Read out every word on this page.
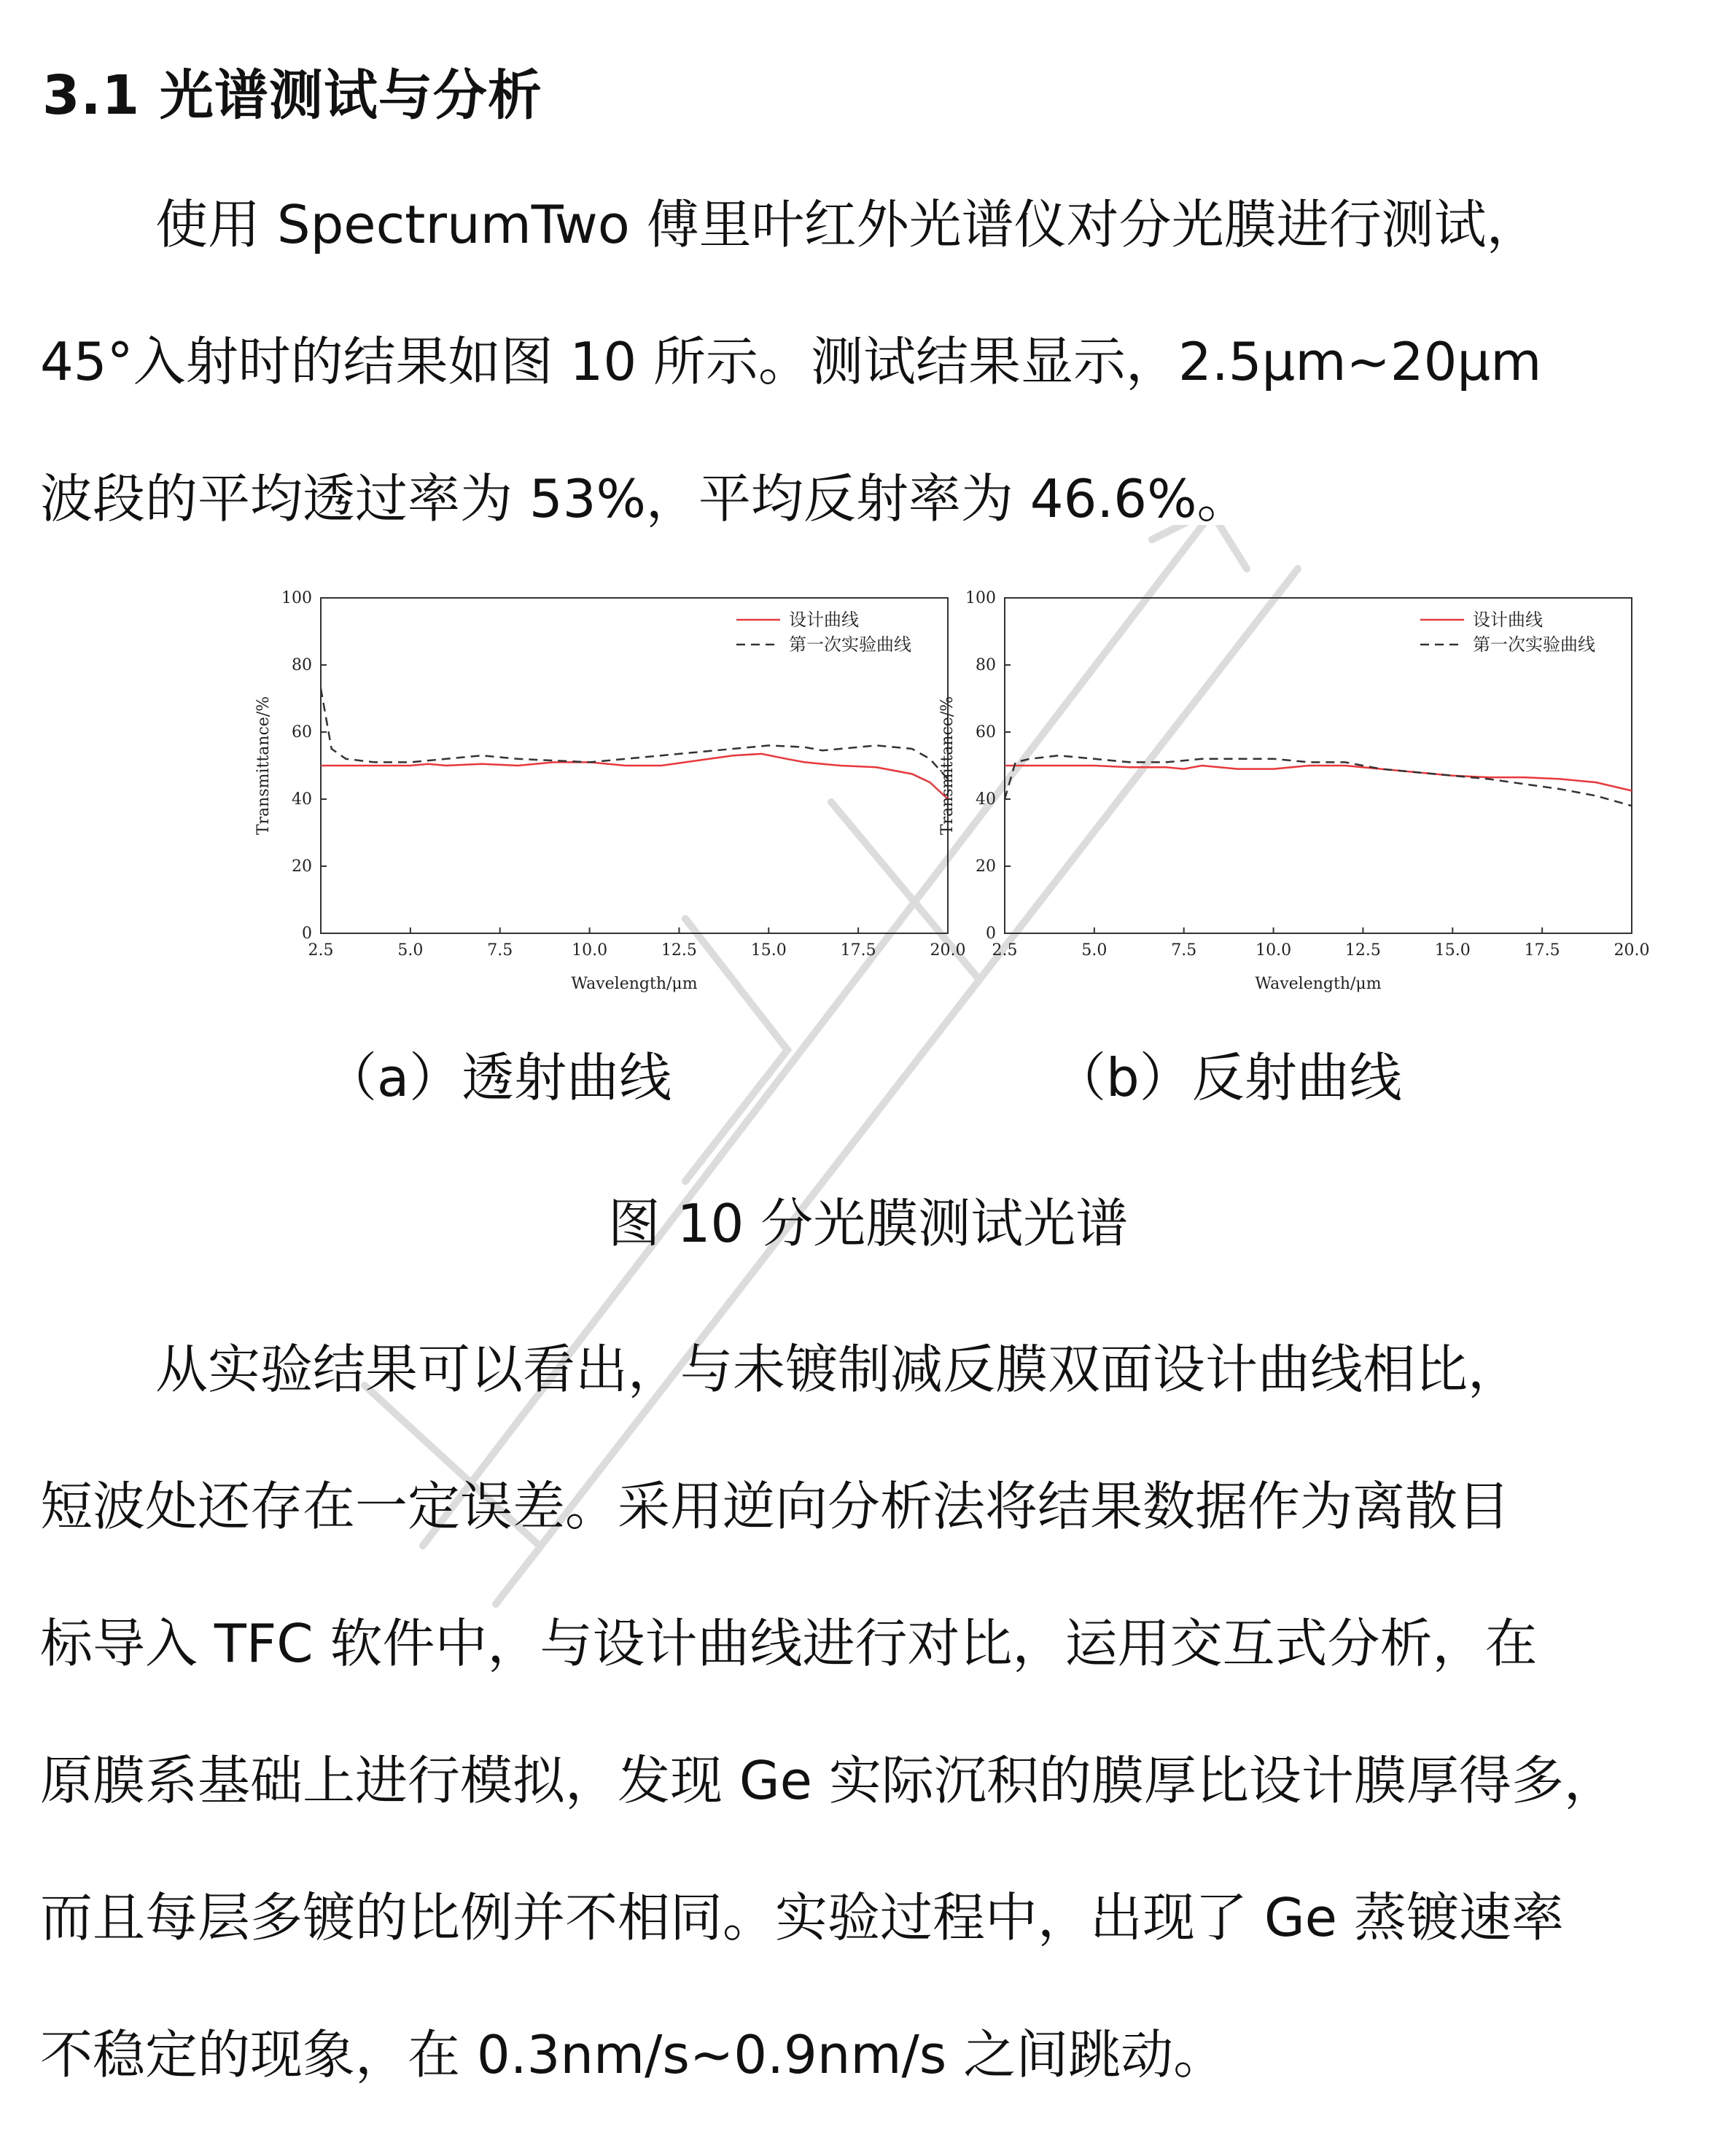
3.1 光谱测试与分析
使用 SpectrumTwo 傅里叶红外光谱仪对分光膜进行测试，
45°入射时的结果如图 10 所示。测试结果显示，2.5μm~20μm
波段的平均透过率为 53%，平均反射率为 46.6%。
2.5	5.0	7.5	10.0	12.5	15.0	17.5	20.0
0
20
40
60
80
100
Wavelength/μm
Transmittance/%
设计曲线
第一次实验曲线
2.5	5.0	7.5	10.0	12.5	15.0	17.5	20.0
0
20
40
60
80
100
Wavelength/μm
Transmittance/%
设计曲线
第一次实验曲线
（a）透射曲线	（b）反射曲线
图 10 分光膜测试光谱
从实验结果可以看出，与未镀制减反膜双面设计曲线相比，
短波处还存在一定误差。采用逆向分析法将结果数据作为离散目
标导入 TFC 软件中，与设计曲线进行对比，运用交互式分析，在
原膜系基础上进行模拟，发现 Ge 实际沉积的膜厚比设计膜厚得多，
而且每层多镀的比例并不相同。实验过程中，出现了 Ge 蒸镀速率
不稳定的现象，在 0.3nm/s~0.9nm/s 之间跳动。
